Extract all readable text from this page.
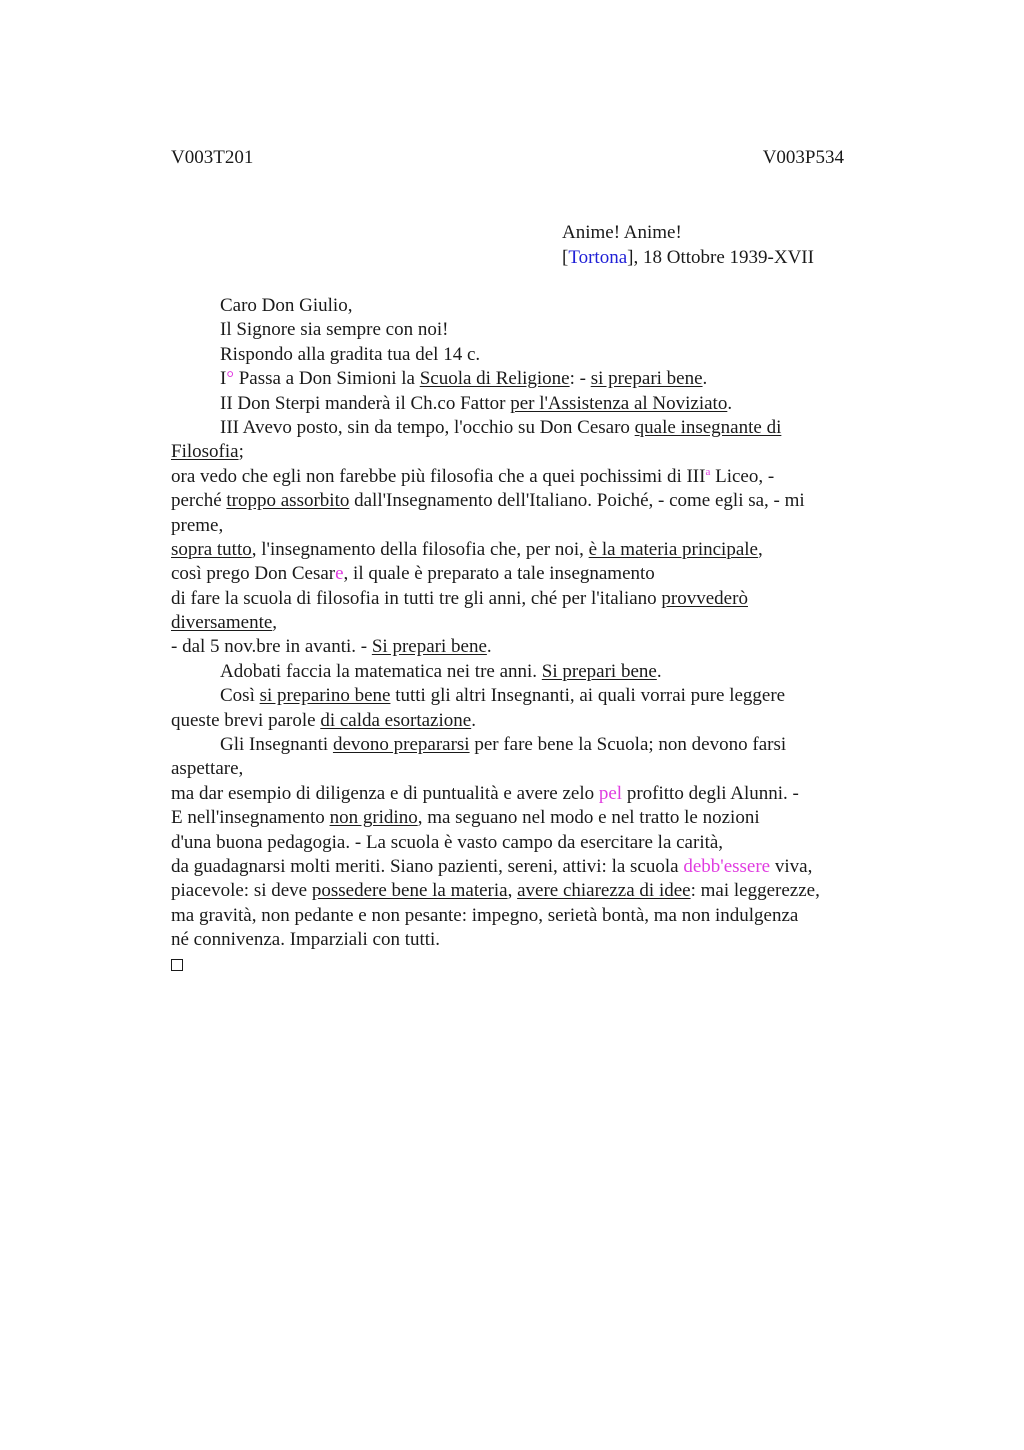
V003T201	V003P534
Anime! Anime!
[Tortona], 18 Ottobre 1939-XVII
Caro Don Giulio,
Il Signore sia sempre con noi!
Rispondo alla gradita tua del 14 c.
I° Passa a Don Simioni la Scuola di Religione: - si prepari bene.
II Don Sterpi manderà il Ch.co Fattor per l'Assistenza al Noviziato.
III Avevo posto, sin da tempo, l'occhio su Don Cesaro quale insegnante di
Filosofia;
ora vedo che egli non farebbe più filosofia che a quei pochissimi di III$^a$ Liceo, -
perché troppo assorbito dall'Insegnamento dell'Italiano. Poiché, - come egli sa, - mi
preme,
sopra tutto, l'insegnamento della filosofia che, per noi, è la materia principale,
così prego Don Cesare, il quale è preparato a tale insegnamento
di fare la scuola di filosofia in tutti tre gli anni, ché per l'italiano provvederò
diversamente,
- dal 5 nov.bre in avanti. - Si prepari bene.
Adobati faccia la matematica nei tre anni. Si prepari bene.
Così si preparino bene tutti gli altri Insegnanti, ai quali vorrai pure leggere
queste brevi parole di calda esortazione.
Gli Insegnanti devono prepararsi per fare bene la Scuola; non devono farsi
aspettare,
ma dar esempio di diligenza e di puntualità e avere zelo pel profitto degli Alunni. -
E nell'insegnamento non gridino, ma seguano nel modo e nel tratto le nozioni
d'una buona pedagogia. - La scuola è vasto campo da esercitare la carità,
da guadagnarsi molti meriti. Siano pazienti, sereni, attivi: la scuola debb'essere viva,
piacevole: si deve possedere bene la materia, avere chiarezza di idee: mai leggerezze,
ma gravità, non pedante e non pesante: impegno, serietà bontà, ma non indulgenza
né connivenza. Imparziali con tutti.
